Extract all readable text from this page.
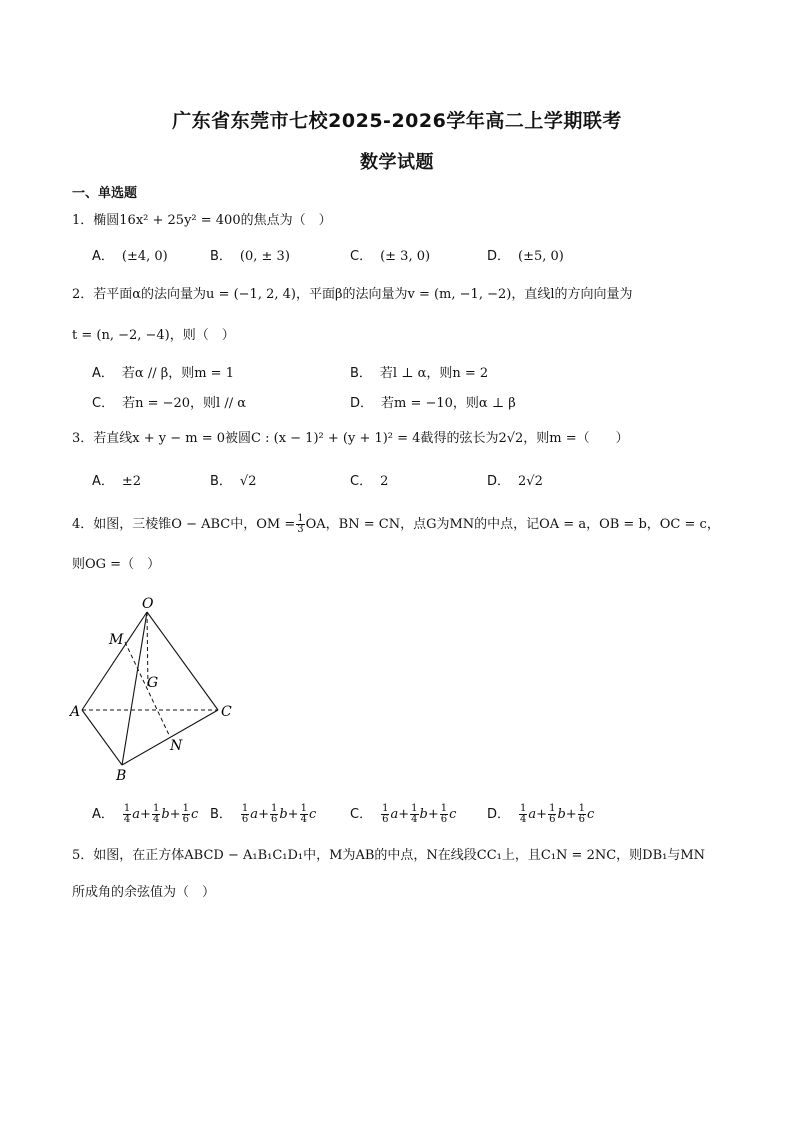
广东省东莞市七校2025-2026学年高二上学期联考
数学试题
一、单选题
1．椭圆16x² + 25y² = 400的焦点为（　）
A． (±4, 0)	B． (0, ± 3)	C． (± 3, 0)	D． (±5, 0)
2．若平面α的法向量为u = (−1, 2, 4)，平面β的法向量为v = (m, −1, −2)，直线l的方向向量为
t = (n, −2, −4)，则（　）
A． 若α // β，则m = 1	B． 若l ⊥ α，则n = 2
C． 若n = −20，则l // α	D． 若m = −10，则α ⊥ β
3．若直线x + y − m = 0被圆C : (x − 1)² + (y + 1)² = 4截得的弦长为2√2，则m =（　　）
A． ±2	B． √2	C． 2	D． 2√2
4．如图，三棱锥O − ABC中，OM = $\frac{1}{3}$ OA，BN = CN，点G为MN的中点，记OA = a，OB = b，OC = c，
则OG =（　）
O
M
G
A	C
N
B
A． $\frac{1}{4} a+ \frac{1}{4} b+ \frac{1}{6}$ c B． $\frac{1}{6} a+ \frac{1}{6} b+ \frac{1}{4}$ c	C． $\frac{1}{6} a+ \frac{1}{4} b+ \frac{1}{6}$ c D． $\frac{1}{4} a+ \frac{1}{6} b+ \frac{1}{6}$ c
5．如图，在正方体ABCD − A₁B₁C₁D₁中，M为AB的中点，N在线段CC₁上，且C₁N = 2NC，则DB₁与MN
所成角的余弦值为（　）
